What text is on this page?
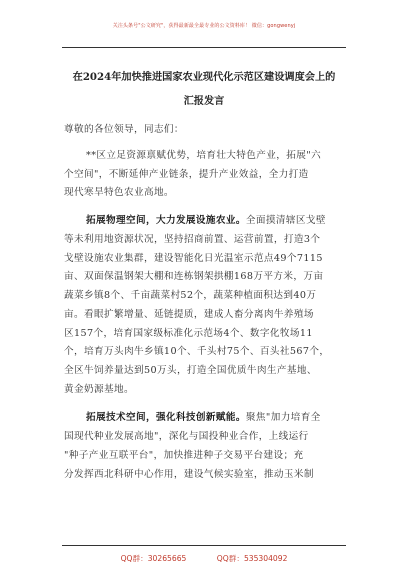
关注头条号"公文研究"，获得最新最全最专业的公文资料库！ 微信：gongwenyj
在2024年加快推进国家农业现代化示范区建设调度会上的
汇报发言
尊敬的各位领导，同志们：
**区立足资源禀赋优势，培育壮大特色产业，拓展"六
个空间"，不断延伸产业链条，提升产业效益，全力打造
现代寒旱特色农业高地。
拓展物理空间，大力发展设施农业。全面摸清辖区戈壁
等未利用地资源状况，坚持招商前置、运营前置，打造3个
戈壁设施农业集群，建设智能化日光温室示范点49个7115
亩、双面保温钢架大棚和连栋钢架拱棚168万平方米，万亩
蔬菜乡镇8个、千亩蔬菜村52个，蔬菜种植面积达到40万
亩。看眼扩繁增量、延链提质，建成人畜分离肉牛养殖场
区157个，培育国家级标准化示范场4个、数字化牧场11
个，培育万头肉牛乡镇10个、千头村75个、百头社567个，
全区牛饲养量达到50万头，打造全国优质牛肉生产基地、
黄金奶源基地。
拓展技术空间，强化科技创新赋能。聚焦"加力培育全
国现代种业发展高地"，深化与国投种业合作，上线运行
"种子产业互联平台"，加快推进种子交易平台建设；充
分发挥西北科研中心作用，建设气候实验室，推动玉米制
QQ群：30265665	QQ群：535304092
